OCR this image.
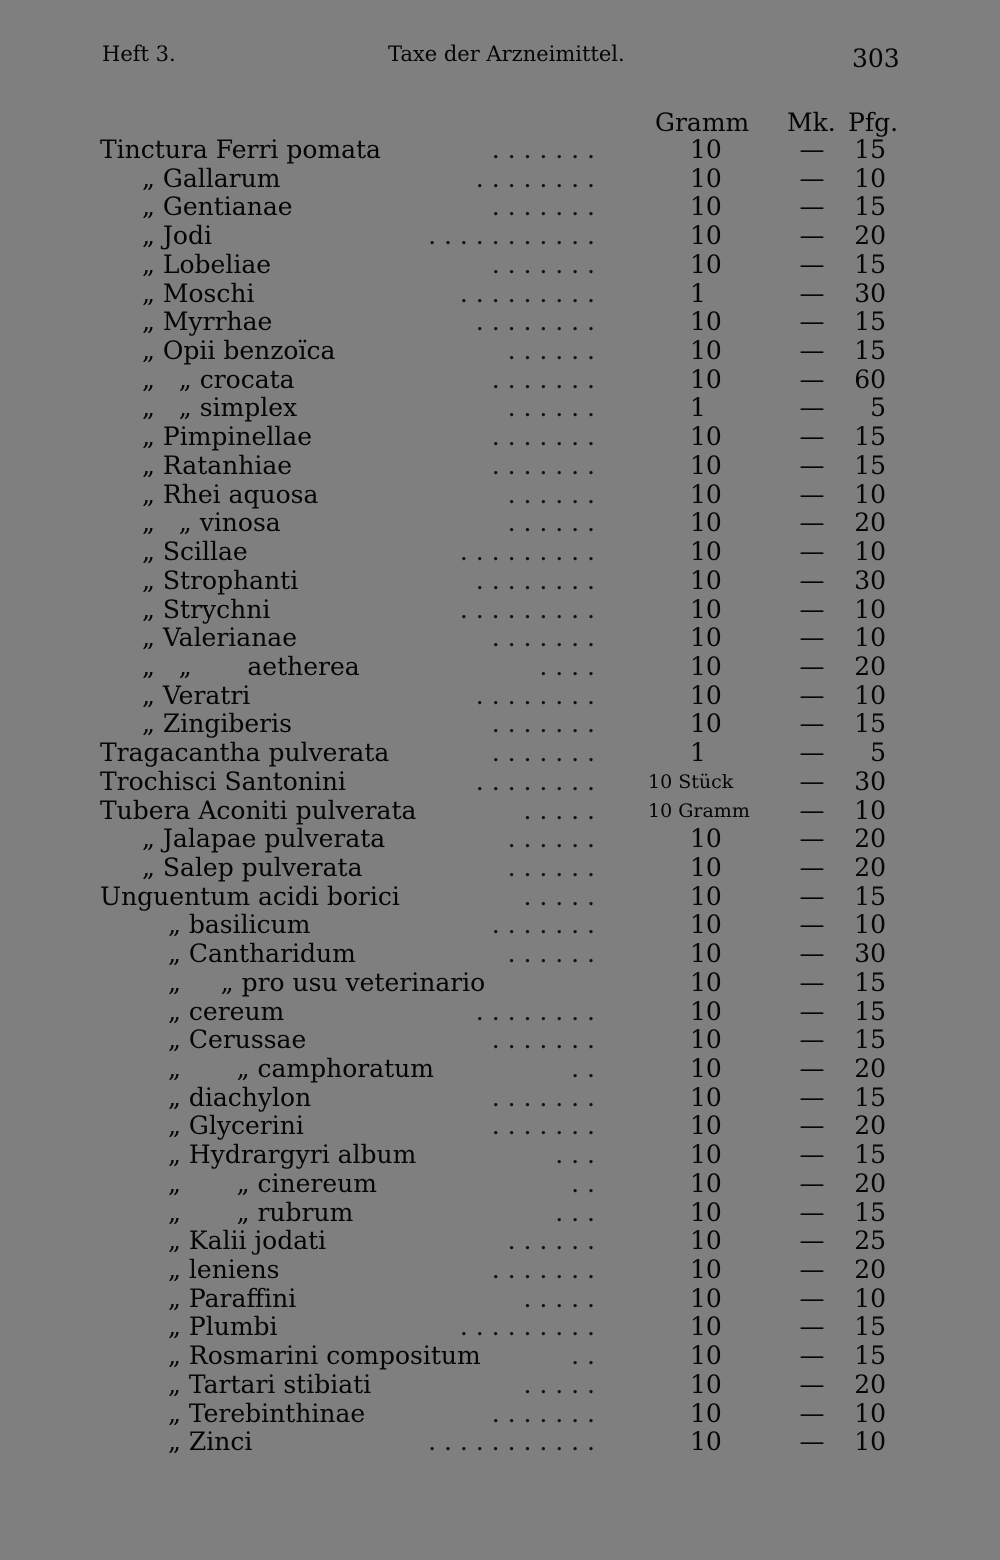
Heft 3.	Taxe der Arzneimittel.	303
Gramm Mk. Pfg.
Tinctura Ferri pomata	. . . . . . .	10	— 15
„ Gallarum	. . . . . . . .	10	— 10
„ Gentianae	. . . . . . .	10	— 15
„ Jodi	. . . . . . . . . . .	10	— 20
„ Lobeliae	. . . . . . .	10	— 15
„ Moschi	. . . . . . . . .	1	— 30
„ Myrrhae	. . . . . . . .	10	— 15
„ Opii benzoïca	. . . . . .	10	— 15
„   „ crocata	. . . . . . .	10	— 60
„   „ simplex	. . . . . .	1	—	5
„ Pimpinellae	. . . . . . .	10	— 15
„ Ratanhiae	. . . . . . .	10	— 15
„ Rhei aquosa	. . . . . .	10	— 10
„   „ vinosa	. . . . . .	10	— 20
„ Scillae	. . . . . . . . .	10	— 10
„ Strophanti	. . . . . . . .	10	— 30
„ Strychni	. . . . . . . . .	10	— 10
„ Valerianae	. . . . . . .	10	— 10
„   „       aetherea	. . . .	10	— 20
„ Veratri	. . . . . . . .	10	— 10
„ Zingiberis	. . . . . . .	10	— 15
Tragacantha pulverata	. . . . . . .	1	—	5
Trochisci Santonini	. . . . . . . .	10 Stück	— 30
Tubera Aconiti pulverata	. . . . .	10 Gramm	— 10
„ Jalapae pulverata	. . . . . .	10	— 20
„ Salep pulverata	. . . . . .	10	— 20
Unguentum acidi borici	. . . . .	10	— 15
„ basilicum	. . . . . . .	10	— 10
„ Cantharidum	. . . . . .	10	— 30
„     „ pro usu veterinario	10	— 15
„ cereum	. . . . . . . .	10	— 15
„ Cerussae	. . . . . . .	10	— 15
„       „ camphoratum	. .	10	— 20
„ diachylon	. . . . . . .	10	— 15
„ Glycerini	. . . . . . .	10	— 20
„ Hydrargyri album	. . .	10	— 15
„       „ cinereum	. .	10	— 20
„       „ rubrum	. . .	10	— 15
„ Kalii jodati	. . . . . .	10	— 25
„ leniens	. . . . . . .	10	— 20
„ Paraffini	. . . . .	10	— 10
„ Plumbi	. . . . . . . . .	10	— 15
„ Rosmarini compositum	. .	10	— 15
„ Tartari stibiati	. . . . .	10	— 20
„ Terebinthinae	. . . . . . .	10	— 10
„ Zinci	. . . . . . . . . . .	10	— 10
